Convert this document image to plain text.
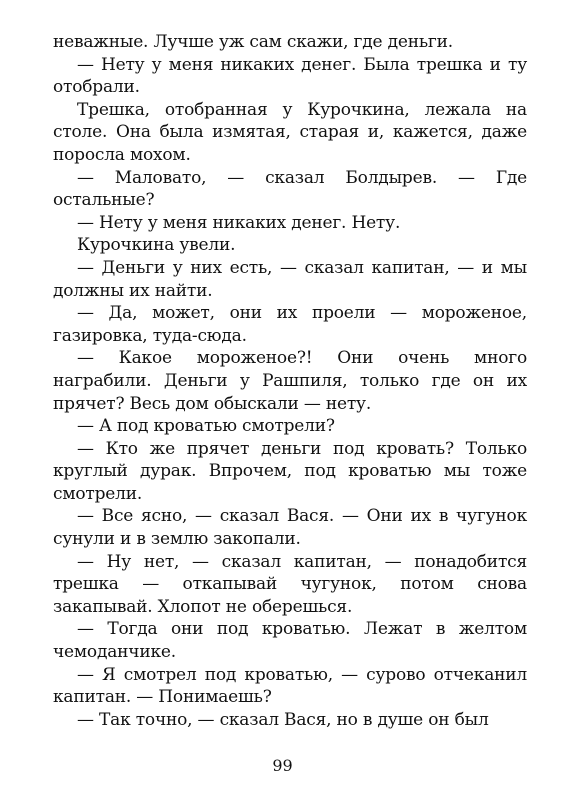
неважные. Лучше уж сам скажи, где деньги.

— Нету у меня никаких денег. Была трешка и ту отобрали.

Трешка, отобранная у Курочкина, лежала на столе. Она была измятая, старая и, кажется, даже поросла мохом.

— Маловато, — сказал Болдырев. — Где остальные?

— Нету у меня никаких денег. Нету.

Курочкина увели.

— Деньги у них есть, — сказал капитан, — и мы должны их найти.

— Да, может, они их проели — мороженое, газировка, туда-сюда.

— Какое мороженое?! Они очень много награбили. Деньги у Рашпиля, только где он их прячет? Весь дом обыскали — нету.

— А под кроватью смотрели?

— Кто же прячет деньги под кровать? Только круглый дурак. Впрочем, под кроватью мы тоже смотрели.

— Все ясно, — сказал Вася. — Они их в чугунок сунули и в землю закопали.

— Ну нет, — сказал капитан, — понадобится трешка — откапывай чугунок, потом снова закапывай. Хлопот не оберешься.

— Тогда они под кроватью. Лежат в желтом чемоданчике.

— Я смотрел под кроватью, — сурово отчеканил капитан. — Понимаешь?

— Так точно, — сказал Вася, но в душе он был

99
